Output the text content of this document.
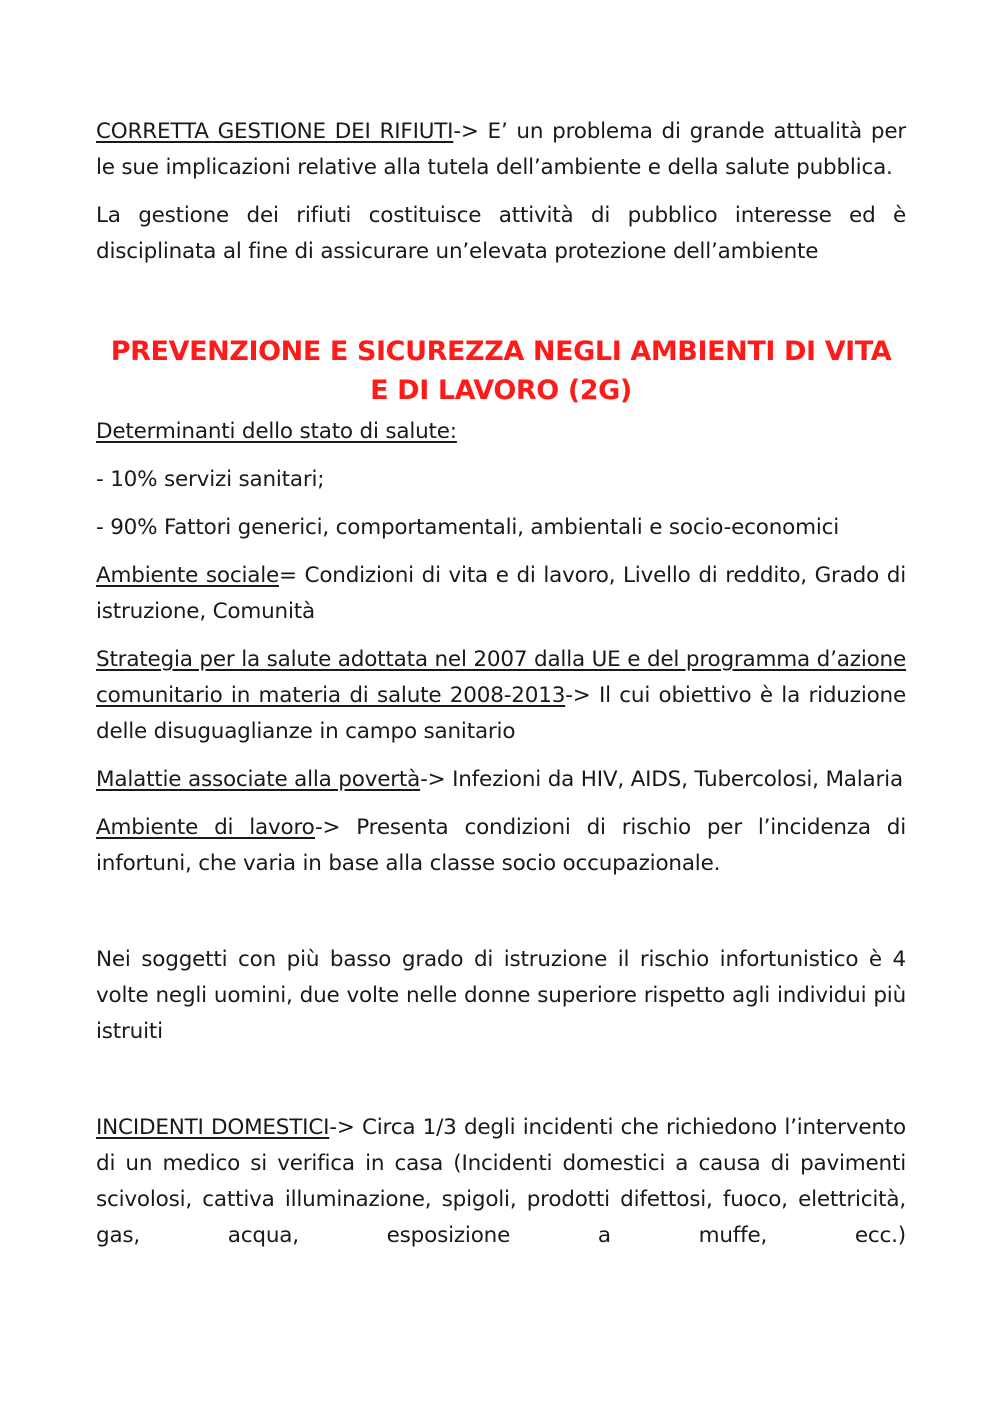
CORRETTA GESTIONE DEI RIFIUTI-> E’ un problema di grande attualità per le sue implicazioni relative alla tutela dell’ambiente e della salute pubblica.

La gestione dei rifiuti costituisce attività di pubblico interesse ed è disciplinata al fine di assicurare un’elevata protezione dell’ambiente

PREVENZIONE E SICUREZZA NEGLI AMBIENTI DI VITA
E DI LAVORO (2G)

Determinanti dello stato di salute:

- 10% servizi sanitari;

- 90% Fattori generici, comportamentali, ambientali e socio-economici

Ambiente sociale= Condizioni di vita e di lavoro, Livello di reddito, Grado di istruzione, Comunità

Strategia per la salute adottata nel 2007 dalla UE e del programma d’azione comunitario in materia di salute 2008-2013-> Il cui obiettivo è la riduzione delle disuguaglianze in campo sanitario

Malattie associate alla povertà-> Infezioni da HIV, AIDS, Tubercolosi, Malaria

Ambiente di lavoro-> Presenta condizioni di rischio per l’incidenza di infortuni, che varia in base alla classe socio occupazionale.

Nei soggetti con più basso grado di istruzione il rischio infortunistico è 4 volte negli uomini, due volte nelle donne superiore rispetto agli individui più istruiti

INCIDENTI DOMESTICI-> Circa 1/3 degli incidenti che richiedono l’intervento di un medico si verifica in casa (Incidenti domestici a causa di pavimenti scivolosi, cattiva illuminazione, spigoli, prodotti difettosi, fuoco, elettricità, gas, acqua, esposizione a muffe, ecc.)
